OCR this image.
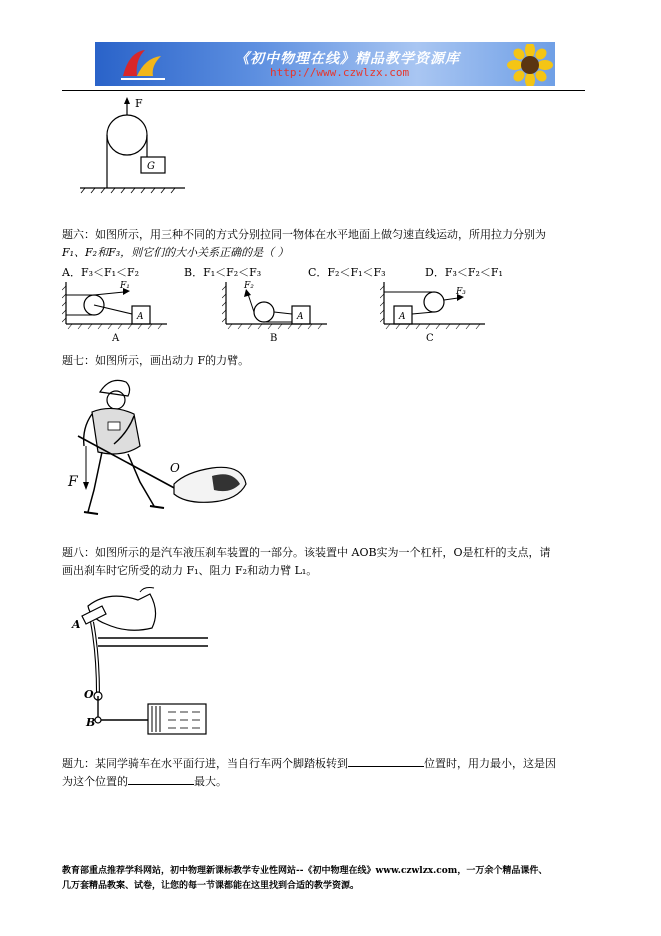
《初中物理在线》精品教学资源库
http://www.czwlzx.com
F
G
题六：如图所示，用三种不同的方式分别拉同一物体在水平地面上做匀速直线运动，所用拉力分别为
F₁、F₂和F₃，则它们的大小关系正确的是（ ）
A．F₃＜F₁＜F₂	B．F₁＜F₂＜F₃	C．F₂＜F₁＜F₃	D．F₃＜F₂＜F₁
F₁
A
A
F₂
A
B
F₃
A
C
题七：如图所示，画出动力 F的力臂。
F
O
题八：如图所示的是汽车液压刹车装置的一部分。该装置中 AOB实为一个杠杆，O是杠杆的支点，请
画出刹车时它所受的动力 F₁、阻力 F₂和动力臂 L₁。
A
O
B
题九：某同学骑车在水平面行进，当自行车两个脚踏板转到	位置时，用力最小，这是因
为这个位置的	最大。
教育部重点推荐学科网站，初中物理新课标教学专业性网站--《初中物理在线》www.czwlzx.com，一万余个精品课件、
几万套精品教案、试卷，让您的每一节课都能在这里找到合适的教学资源。
